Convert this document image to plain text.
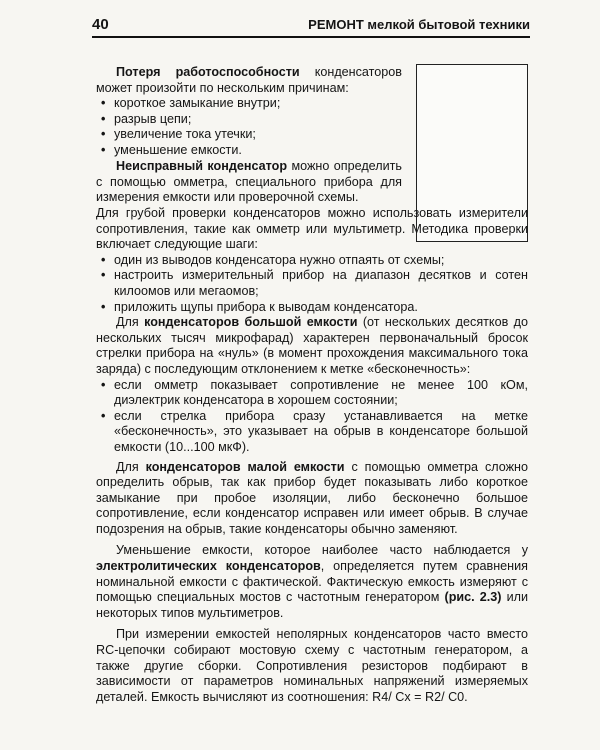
40	РЕМОНТ мелкой бытовой техники

Потеря работоспособности конденсаторов может произойти по нескольким причинам:

• короткое замыкание внутри;
• разрыв цепи;
• увеличение тока утечки;
• уменьшение емкости.

Неисправный конденсатор можно определить с помощью омметра, специального прибора для измерения емкости или проверочной схемы.

Для грубой проверки конденсаторов можно использовать измерители сопротивления, такие как омметр или мультиметр. Методика проверки включает следующие шаги:

• один из выводов конденсатора нужно отпаять от схемы;
• настроить измерительный прибор на диапазон десятков и сотен килоомов или мегаомов;
• приложить щупы прибора к выводам конденсатора.

Для конденсаторов большой емкости (от нескольких десятков до нескольких тысяч микрофарад) характерен первоначальный бросок стрелки прибора на «нуль» (в момент прохождения максимального тока заряда) с последующим отклонением к метке «бесконечность»:

• если омметр показывает сопротивление не менее 100 кОм, диэлектрик конденсатора в хорошем состоянии;
• если стрелка прибора сразу устанавливается на метке «бесконечность», это указывает на обрыв в конденсаторе большой емкости (10...100 мкФ).

Для конденсаторов малой емкости с помощью омметра сложно определить обрыв, так как прибор будет показывать либо короткое замыкание при пробое изоляции, либо бесконечно большое сопротивление, если конденсатор исправен или имеет обрыв. В случае подозрения на обрыв, такие конденсаторы обычно заменяют.

Уменьшение емкости, которое наиболее часто наблюдается у электролитических конденсаторов, определяется путем сравнения номинальной емкости с фактической. Фактическую емкость измеряют с помощью специальных мостов с частотным генератором (рис. 2.3) или некоторых типов мультиметров.

При измерении емкостей неполярных конденсаторов часто вместо RC-цепочки собирают мостовую схему с частотным генератором, а также другие сборки. Сопротивления резисторов подбирают в зависимости от параметров номинальных напряжений измеряемых деталей. Емкость вычисляют из соотношения: R4/ Cx = R2/ C0.
